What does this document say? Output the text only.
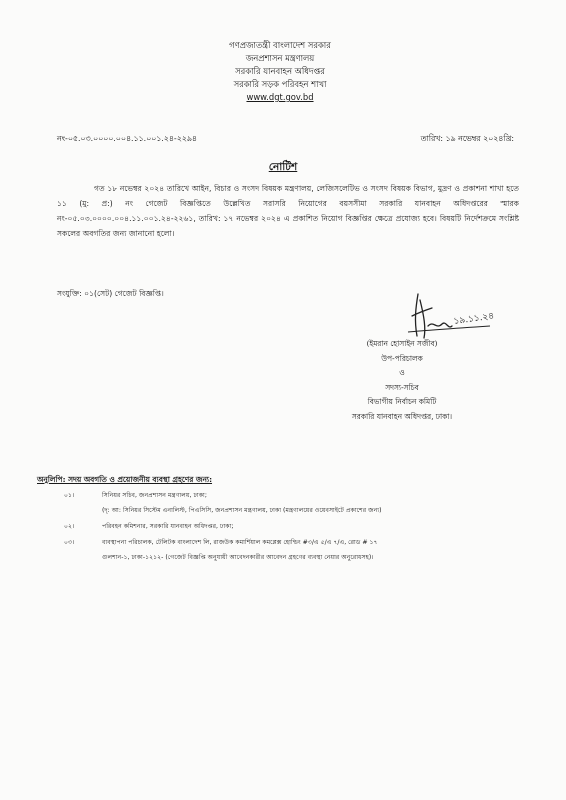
গণপ্রজাতন্ত্রী বাংলাদেশ সরকার
জনপ্রশাসন মন্ত্রণালয়
সরকারি যানবাহন অধিদপ্তর
সরকারি সড়ক পরিবহন শাখা
www.dgt.gov.bd
নং-০৫.০৩.০০০০.০০৪.১১.০০১.২৪-২২৯৪	তারিখ: ১৯ নভেম্বর ২০২৪খ্রি:
নোটিশ

গত ১৮ নভেম্বর ২০২৪ তারিখে আইন, বিচার ও সংসদ বিষয়ক মন্ত্রণালয়, লেজিসলেটিভ ও সংসদ বিষয়ক বিভাগ, মুদ্রণ ও প্রকাশনা শাখা হতে ১১ (মু: প্র:) নং গেজেট বিজ্ঞপ্তিতে উল্লেখিত সরাসরি নিয়োগের বয়সসীমা সরকারি যানবাহন অধিদপ্তরের স্মারক নং-০৫.০৩.০০০০.০০৪.১১.০০১.২৪-২২৬১, তারিখ: ১৭ নভেম্বর ২০২৪ এ প্রকাশিত নিয়োগ বিজ্ঞপ্তির ক্ষেত্রে প্রযোজ্য হবে। বিষয়টি নির্দেশক্রমে সংশ্লিষ্ট সকলের অবগতির জন্য জানানো হলো।

সংযুক্তি: ০১(সেট) গেজেট বিজ্ঞপ্তি।
১৯.১১.২৪
(ইমরান হোসাইন সজীব)
উপ-পরিচালক
ও
সদস্য-সচিব
বিভাগীয় নির্বাচন কমিটি
সরকারি যানবাহন অধিদপ্তর, ঢাকা।
অনুলিপি: সদয় অবগতি ও প্রয়োজনীয় ব্যবস্থা গ্রহণের জন্য:
০১।	সিনিয়র সচিব, জনপ্রশাসন মন্ত্রণালয়, ঢাকা;
(দৃ: আ: সিনিয়র সিস্টেম এনালিস্ট, পিএসিসি, জনপ্রশাসন মন্ত্রণালয়, ঢাকা (মন্ত্রণালয়ের ওয়েবসাইটে প্রকাশের জন্য)
০২।	পরিবহন কমিশনার, সরকারি যানবাহন অধিদপ্তর, ঢাকা;
০৩।	ব্যবস্থাপনা পরিচালক, টেলিটক বাংলাদেশ লি, রাজউক কমার্শিয়াল কমপ্লেক্স হোল্ডিং #৩/এ ৫/এ ৭/এ, রোড # ১৭
গুলশান-১, ঢাকা-১২১২- (গেজেট বিজ্ঞপ্তি অনুযায়ী আবেদনকারীর আবেদন গ্রহণের ব্যবস্থা নেয়ার অনুরোধসহ)।
